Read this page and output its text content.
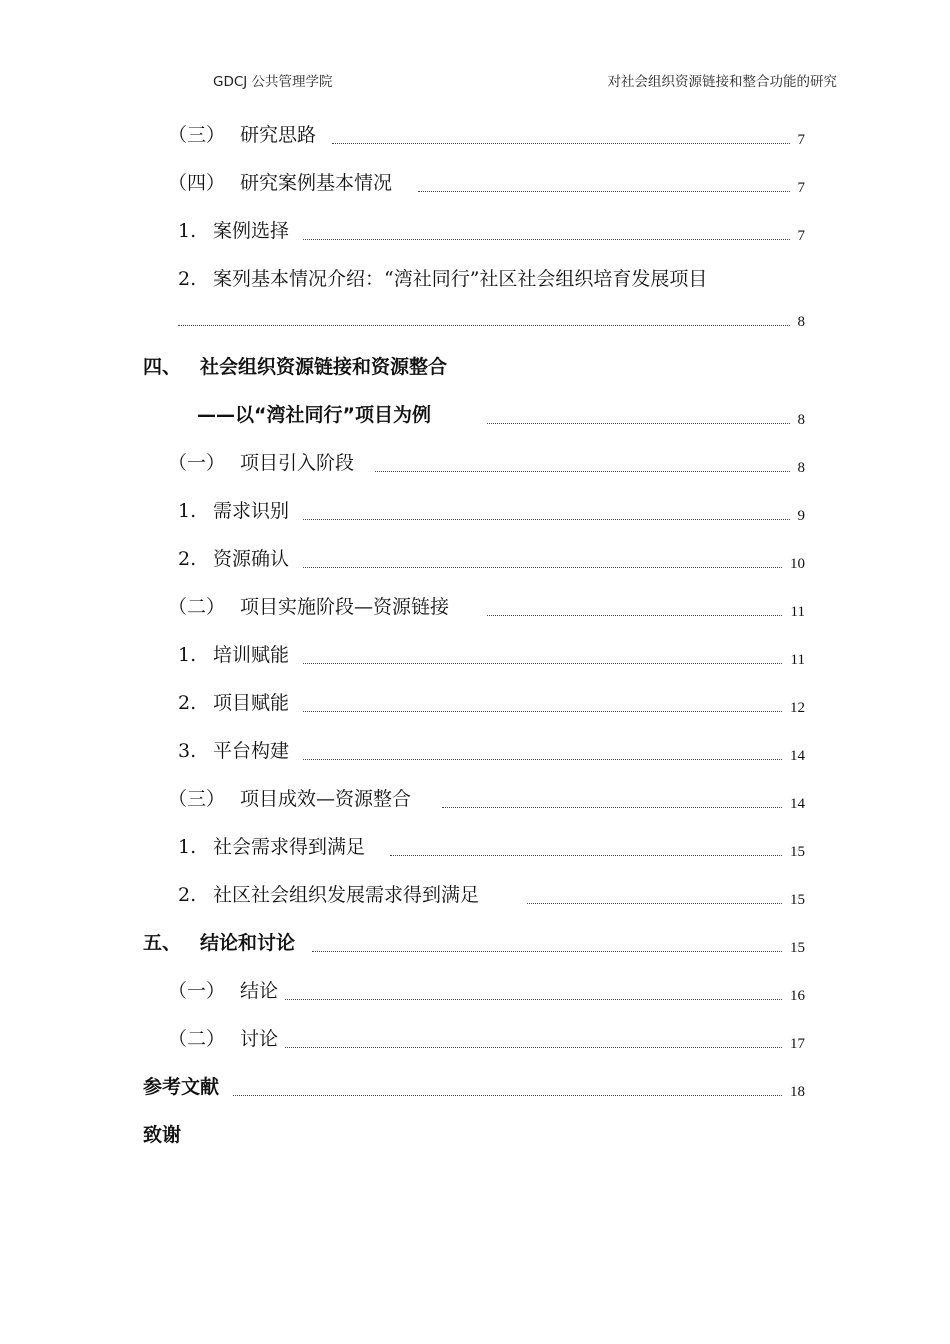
GDCJ 公共管理学院	对社会组织资源链接和整合功能的研究
（三） 研究思路	7
（四） 研究案例基本情况	7
1. 案例选择	7
2. 案列基本情况介绍：“湾社同行”社区社会组织培育发展项目
8
四、 社会组织资源链接和资源整合
——以“湾社同行”项目为例	8
（一） 项目引入阶段	8
1. 需求识别	9
2. 资源确认	10
（二） 项目实施阶段—资源链接	11
1. 培训赋能	11
2. 项目赋能	12
3. 平台构建	14
（三） 项目成效—资源整合	14
1. 社会需求得到满足	15
2. 社区社会组织发展需求得到满足	15
五、 结论和讨论	15
（一） 结论	16
（二） 讨论	17
参考文献	18
致谢
